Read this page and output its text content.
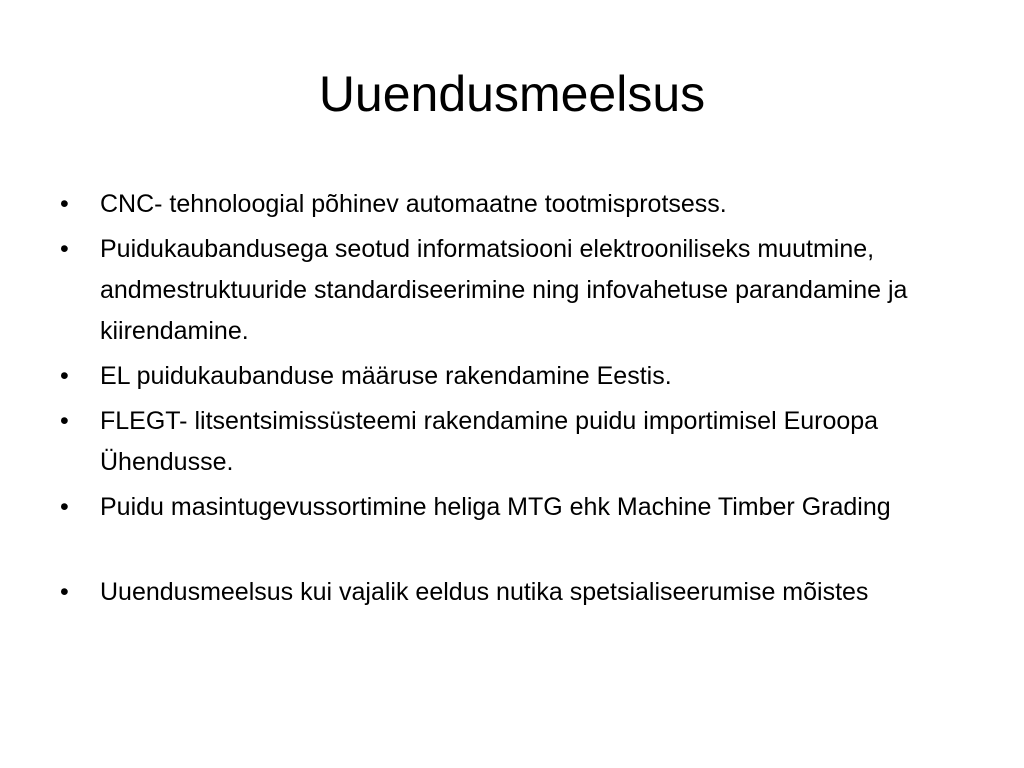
Uuendusmeelsus
•	CNC- tehnoloogial põhinev automaatne tootmisprotsess.
•	Puidukaubandusega seotud informatsiooni elektrooniliseks muutmine, andmestruktuuride standardiseerimine ning infovahetuse parandamine ja kiirendamine.
•	EL puidukaubanduse määruse rakendamine Eestis.
•	FLEGT- litsentsimissüsteemi rakendamine puidu importimisel Euroopa Ühendusse.
•	Puidu masintugevussortimine heliga MTG ehk Machine Timber Grading
•	Uuendusmeelsus kui vajalik eeldus nutika spetsialiseerumise mõistes
